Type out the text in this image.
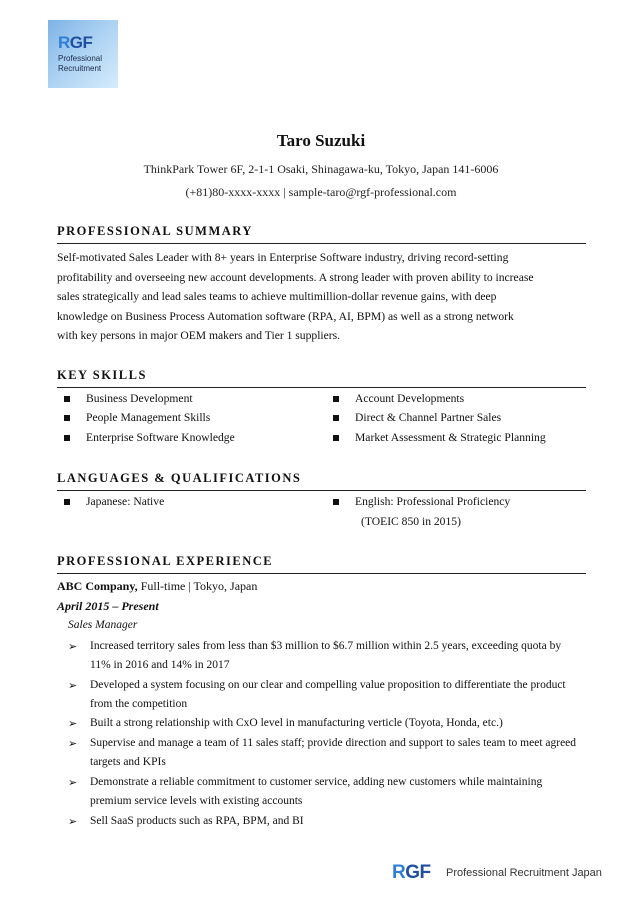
RGF
Professional
Recruitment
Taro Suzuki
ThinkPark Tower 6F, 2-1-1 Osaki, Shinagawa-ku, Tokyo, Japan 141-6006
(+81)80-xxxx-xxxx | sample-taro@rgf-professional.com
PROFESSIONAL SUMMARY
Self-motivated Sales Leader with 8+ years in Enterprise Software industry, driving record-setting
profitability and overseeing new account developments. A strong leader with proven ability to increase
sales strategically and lead sales teams to achieve multimillion-dollar revenue gains, with deep
knowledge on Business Process Automation software (RPA, AI, BPM) as well as a strong network
with key persons in major OEM makers and Tier 1 suppliers.
KEY SKILLS
Business Development
People Management Skills
Enterprise Software Knowledge
Account Developments
Direct & Channel Partner Sales
Market Assessment & Strategic Planning
LANGUAGES & QUALIFICATIONS
Japanese: Native	English: Professional Proficiency
(TOEIC 850 in 2015)
PROFESSIONAL EXPERIENCE
ABC Company, Full-time | Tokyo, Japan
April 2015 – Present
Sales Manager
➢ Increased territory sales from less than $3 million to $6.7 million within 2.5 years, exceeding quota by
11% in 2016 and 14% in 2017
➢ Developed a system focusing on our clear and compelling value proposition to differentiate the product
from the competition
➢ Built a strong relationship with CxO level in manufacturing verticle (Toyota, Honda, etc.)
➢ Supervise and manage a team of 11 sales staff; provide direction and support to sales team to meet agreed
targets and KPIs
➢ Demonstrate a reliable commitment to customer service, adding new customers while maintaining
premium service levels with existing accounts
➢ Sell SaaS products such as RPA, BPM, and BI
RGF Professional Recruitment Japan
